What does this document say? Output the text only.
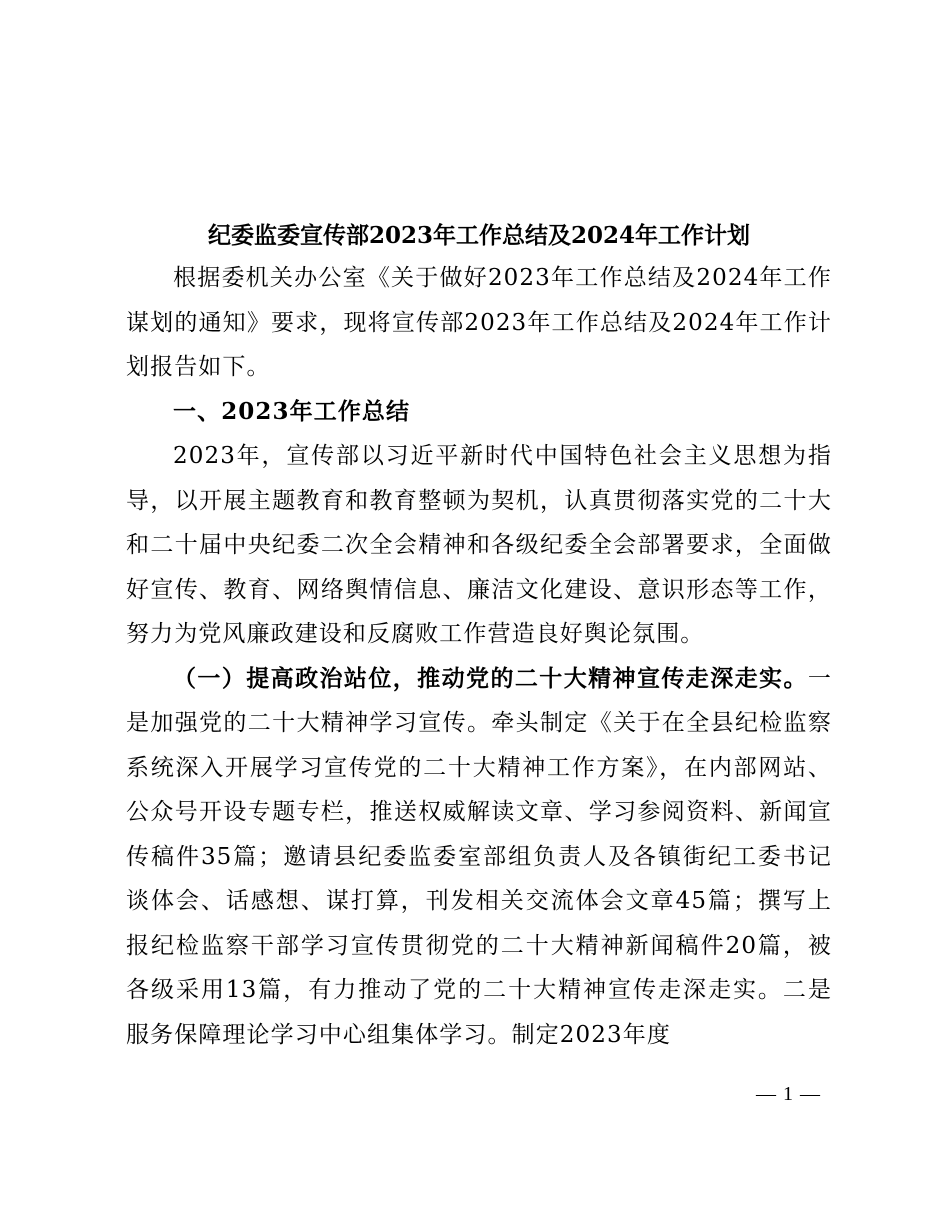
纪委监委宣传部2023年工作总结及2024年工作计划

根据委机关办公室《关于做好2023年工作总结及2024年工作谋划的通知》要求，现将宣传部2023年工作总结及2024年工作计划报告如下。

一、2023年工作总结

2023年，宣传部以习近平新时代中国特色社会主义思想为指导，以开展主题教育和教育整顿为契机，认真贯彻落实党的二十大和二十届中央纪委二次全会精神和各级纪委全会部署要求，全面做好宣传、教育、网络舆情信息、廉洁文化建设、意识形态等工作，努力为党风廉政建设和反腐败工作营造良好舆论氛围。

（一）提高政治站位，推动党的二十大精神宣传走深走实。一是加强党的二十大精神学习宣传。牵头制定《关于在全县纪检监察系统深入开展学习宣传党的二十大精神工作方案》，在内部网站、公众号开设专题专栏，推送权威解读文章、学习参阅资料、新闻宣传稿件35篇；邀请县纪委监委室部组负责人及各镇街纪工委书记谈体会、话感想、谋打算，刊发相关交流体会文章45篇；撰写上报纪检监察干部学习宣传贯彻党的二十大精神新闻稿件20篇，被各级采用13篇，有力推动了党的二十大精神宣传走深走实。二是服务保障理论学习中心组集体学习。制定2023年度

— 1 —
